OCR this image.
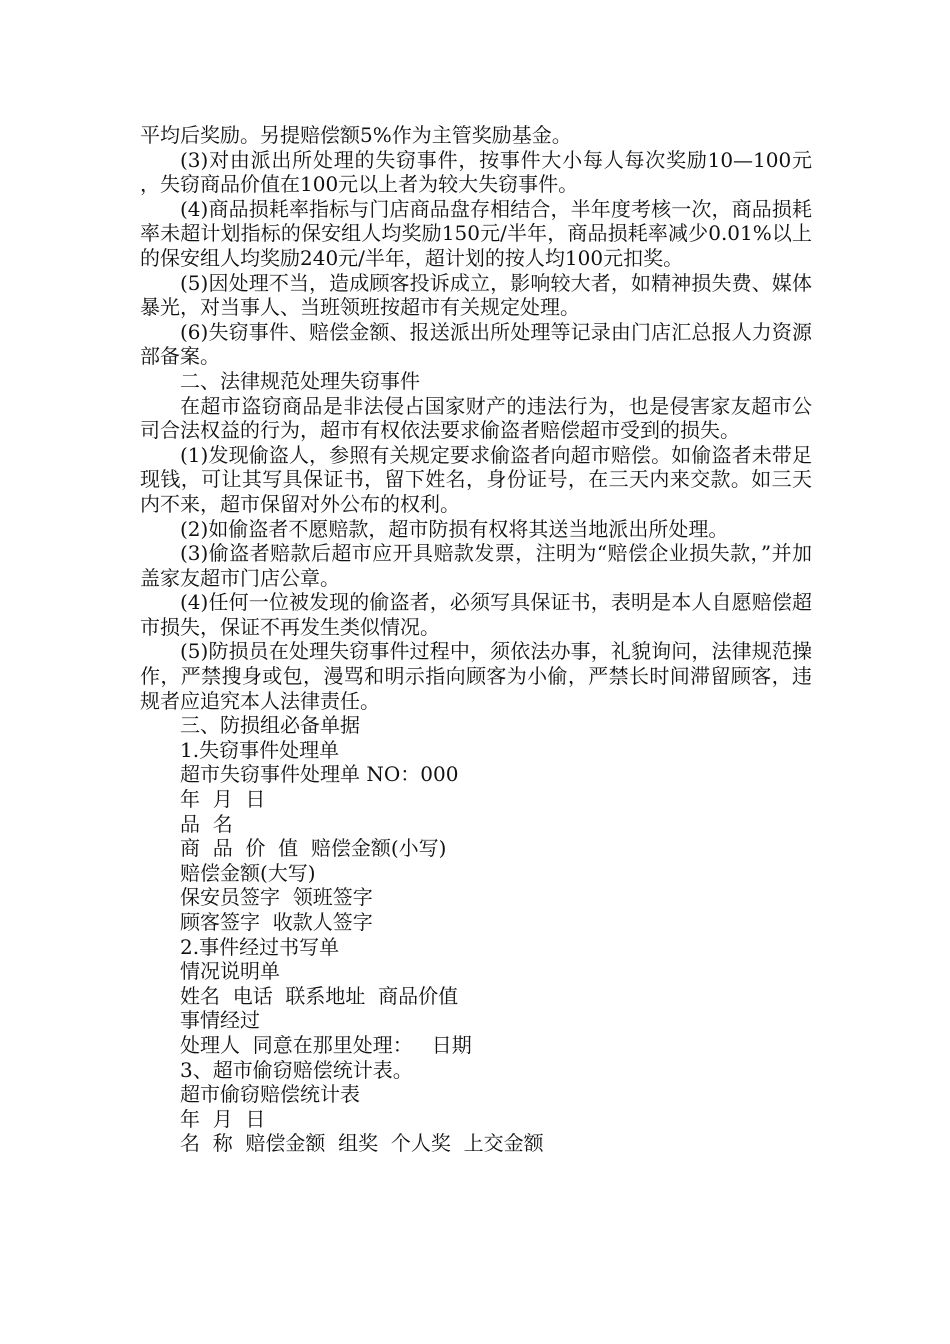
平均后奖励。另提赔偿额5%作为主管奖励基金。

(3)对由派出所处理的失窃事件，按事件大小每人每次奖励10—100元 ，失窃商品价值在100元以上者为较大失窃事件。

(4)商品损耗率指标与门店商品盘存相结合，半年度考核一次，商品损耗率未超计划指标的保安组人均奖励150元/半年，商品损耗率减少0.01%以上的保安组人均奖励240元/半年，超计划的按人均100元扣奖。

(5)因处理不当，造成顾客投诉成立，影响较大者，如精神损失费、媒体暴光，对当事人、当班领班按超市有关规定处理。

(6)失窃事件、赔偿金额、报送派出所处理等记录由门店汇总报人力资源部备案。

二、法律规范处理失窃事件

在超市盗窃商品是非法侵占国家财产的违法行为，也是侵害家友超市公司合法权益的行为，超市有权依法要求偷盗者赔偿超市受到的损失。

(1)发现偷盗人，参照有关规定要求偷盗者向超市赔偿。如偷盗者未带足现钱，可让其写具保证书，留下姓名，身份证号，在三天内来交款。如三天内不来，超市保留对外公布的权利。

(2)如偷盗者不愿赔款，超市防损有权将其送当地派出所处理。

(3)偷盗者赔款后超市应开具赔款发票，注明为“赔偿企业损失款，”并加盖家友超市门店公章。

(4)任何一位被发现的偷盗者，必须写具保证书，表明是本人自愿赔偿超市损失，保证不再发生类似情况。

(5)防损员在处理失窃事件过程中，须依法办事，礼貌询问，法律规范操作，严禁搜身或包，漫骂和明示指向顾客为小偷，严禁长时间滞留顾客，违规者应追究本人法律责任。

三、防损组必备单据

1.失窃事件处理单

超市失窃事件处理单 NO：000

年  月  日

品  名

商  品  价  值  赔偿金额(小写)

赔偿金额(大写)

保安员签字  领班签字

顾客签字  收款人签字

2.事件经过书写单

情况说明单

姓名  电话  联系地址  商品价值

事情经过

处理人  同意在那里处理：   日期

3、超市偷窃赔偿统计表。

超市偷窃赔偿统计表

年  月  日

名  称  赔偿金额  组奖  个人奖  上交金额
